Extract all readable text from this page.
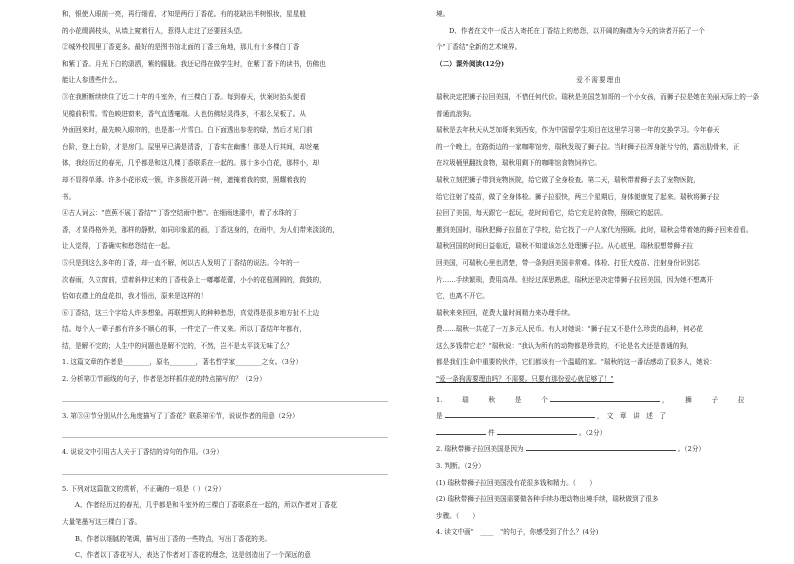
和，银使人眼前一亮，再行细看，才知是两行丁香花。有的花缺出半树银妆，星星般

的小花缀满枝头，从墙上窥着行人，惹得人走过了还要回头望。

②城外校园里丁香更多。最好的是图书馆北面的丁香三角地，那儿有十多棵白丁香

和紫丁香。月光下白的潇洒，紫的朦胧。我还记得在做学生时，在紫丁香下的读书，仿佛也

能让人参透些什么。

③在我断断续续住了近二十年的斗室外，有三棵白丁香。每到春天，伏案时抬头便看

见檐前积雪。雪色映进窗来，香气直透毫端。人也仿佛轻灵得多，不那么呆板了。从

外面回来时，最先映入眼帘的，也是那一片雪白。白下面透出参差的绿，然后才见门前

台阶，登上台阶，才是房门。屋里早已满是清香，丁香实在幽雅！那是人行其间，却丝毫

体，我经历过的春光，几乎都是和这几棵丁香联系在一起的。那十多小白花，那样小，却

却不显得单薄。许多小花形成一簇，许多簇花开满一树，遮掩着我的窗，照耀着我的

书。

④古人词云："芭蕉不展丁香结""丁香空结雨中愁"。在细雨迷濛中，着了水珠的丁

香，才显得格外美，那样的静默，如同印象派的画，丁香这身的，在雨中，为人们带来淡淡的，

让人觉得，丁香确实和愁怨结在一起。

⑤只是到这么多年的丁香，却一直不解，何以古人发明了丁香结的说法。今年的一

次春雨，久立窗前，望着斜伸过来的丁香枝条上一嘟嘟花蕾，小小的花苞圆圆的，鼓鼓的，

恰如衣襟上的盘花扣，我才悟出，原来是这样的！

⑥丁香结，这三个字给人许多想象。再联想到人的种种愁怨，真觉得是很多地方扯不上边

结。每个人一辈子都有许多不顺心的事，一件完了一件又来。所以丁香结年年都有，

结，是解不完的；人生中的问题也是解不完的，不然，岂不是太平淡无味了么？

1. 这篇文章的作者是________，原名________，著名哲学家________之女。（3分）

2. 分析第①节画线的句子，作者是怎样抓住花的特点描写的？（2分）

3. 第③④节分别从什么角度描写了丁香花？联系第⑥节，说说作者的用意（2分）

4. 说说文中引用古人关于丁香结的诗句的作用。（3分）

5. 下列对这篇散文的赏析，不正确的一项是（ ）（2分）

A、作者经历过的春光，几乎都是和斗室外的三棵白丁香联系在一起的，所以作者对丁香花

大量笔墨写这三棵白丁香。

B、作者以细腻的笔调，描写出丁香的一些特点，写出丁香花的美。

C、作者以丁香花写人，表达了作者对丁香花的理念，这是创造出了一个深远的意

境。

D、作者在文中一反古人寄托在丁香结上的愁怨，以开阔的胸襟为今天的读者开拓了一个

个"丁香结"全新的艺术境界。

（二）课外阅读(12分)

爱不需要理由

瑞秋决定把狮子拉回美国，不惜任何代价。瑞秋是美国芝加哥的一个小女孩，而狮子拉是她在美丽天际上的一条普通流浪狗。

瑞秋是去年秋天从芝加哥来到西安，作为中国留学生项目在这里学习第一年的交换学习。今年春天

的一个晚上，在路街边的一家咖啡馆旁，瑞秋发现了狮子拉。当时狮子拉浑身脏兮兮的，露出肋骨来，正

在垃圾桶里翻找食物，瑞秋用剩下的咖啡馆食物饲养它。

瑞秋立刻把狮子带到宠物医院，给它做了全身检查。第二天，瑞秋带着狮子去了宠物医院，

给它注射了疫苗，做了全身体检。狮子拉很快，两三个星期后，身体便康复了起来。瑞秋将狮子拉

拉回了美国，每天跟它一起玩，花时间看它，给它充足的食物，照顾它的起居。

搬到美国时，瑞秋把狮子拉留在了学校，给它找了一户人家代为照顾。此时，瑞秋会带着她的狮子回来看看。

瑞秋回国的时间日益临近，瑞秋不知道该怎么处理狮子拉。从心底里，瑞秋很想带狮子拉

回美国，可瑞秋心里也清楚，带一条狗回美国非常难。体检、打狂犬疫苗、注射身份识别芯

片……手续繁琐，费用高昂。但经过深思熟虑，瑞秋还是决定带狮子拉回美国，因为她不想离开

它，也离不开它。

瑞秋来来回回，花费大量时间精力来办理手续。

费……瑞秋一共花了一万多元人民币。有人对她说："狮子拉又不是什么珍贵的品种，何必花

这么多钱带它走？"瑞秋说："我认为所有的动物都是珍贵的，不论是名犬还是普通的狗，

都是我们生命中重要的伙伴，它们都该有一个温暖的家。"瑞秋的这一番话感动了很多人，她说：

"爱一条狗需要理由吗？不需要。只要有那份爱心就足够了！"

1.　　　瑞　　　秋　　　是　　　个	，　　　狮　　　子　　　拉

是	，　文　章　讲　述　了

件	。（2分）

2. 瑞秋带狮子拉回美国是因为	。（2分）

3. 判断。（2分）

(1) 瑞秋带狮子拉回美国没有花很多钱和精力。（　　）

(2) 瑞秋带狮子拉回美国需要做各种手续办理动物出境手续，瑞秋做到了很多

步骤。（　　）

4. 读文中画"　____　"的句子，你感受到了什么？(4分)
